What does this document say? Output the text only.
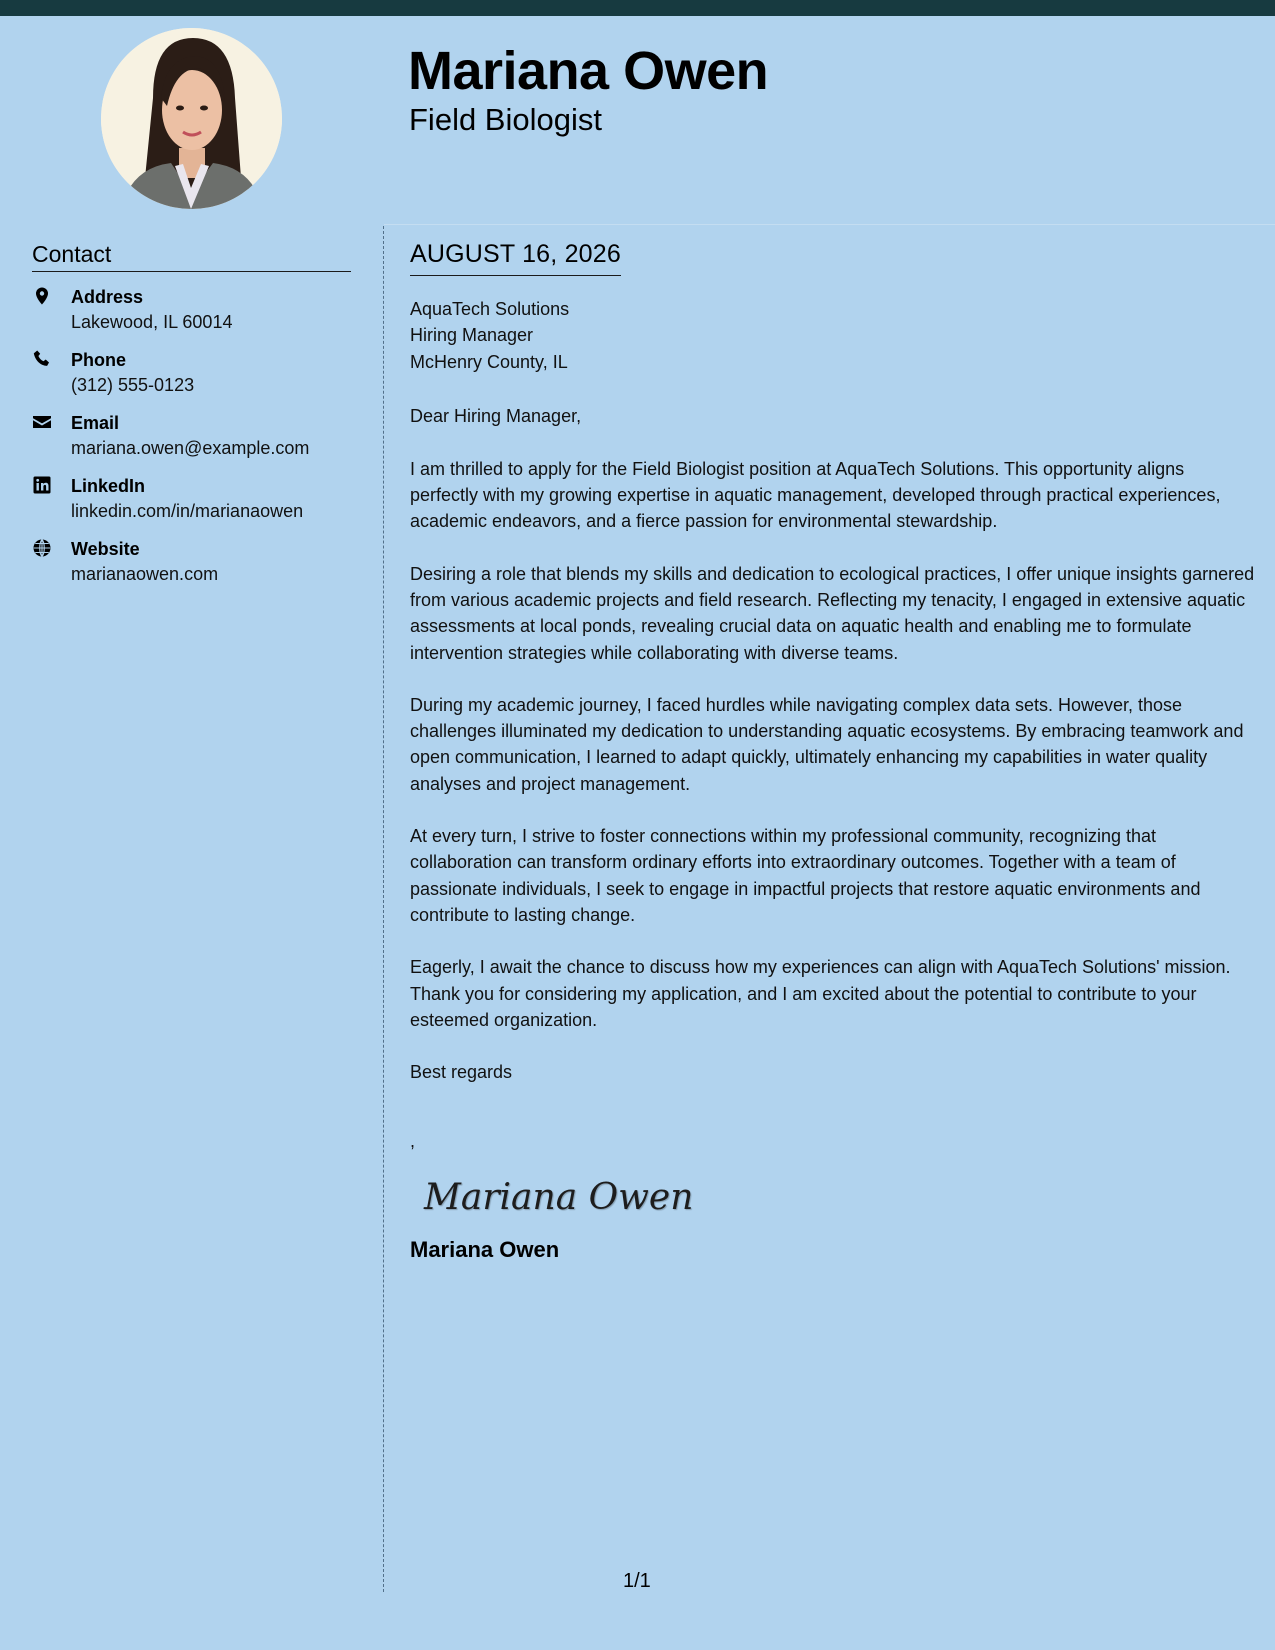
Mariana Owen
Field Biologist
Contact
Address
Lakewood, IL 60014
Phone
(312) 555-0123
Email
mariana.owen@example.com
LinkedIn
linkedin.com/in/marianaowen
Website
marianaowen.com
AUGUST 16, 2026
AquaTech Solutions
Hiring Manager
McHenry County, IL
Dear Hiring Manager,

I am thrilled to apply for the Field Biologist position at AquaTech Solutions. This opportunity aligns perfectly with my growing expertise in aquatic management, developed through practical experiences, academic endeavors, and a fierce passion for environmental stewardship.

Desiring a role that blends my skills and dedication to ecological practices, I offer unique insights garnered from various academic projects and field research. Reflecting my tenacity, I engaged in extensive aquatic assessments at local ponds, revealing crucial data on aquatic health and enabling me to formulate intervention strategies while collaborating with diverse teams.

During my academic journey, I faced hurdles while navigating complex data sets. However, those challenges illuminated my dedication to understanding aquatic ecosystems. By embracing teamwork and open communication, I learned to adapt quickly, ultimately enhancing my capabilities in water quality analyses and project management.

At every turn, I strive to foster connections within my professional community, recognizing that collaboration can transform ordinary efforts into extraordinary outcomes. Together with a team of passionate individuals, I seek to engage in impactful projects that restore aquatic environments and contribute to lasting change.

Eagerly, I await the chance to discuss how my experiences can align with AquaTech Solutions' mission. Thank you for considering my application, and I am excited about the potential to contribute to your esteemed organization.

Best regards
,
Mariana Owen
Mariana Owen
1/1
